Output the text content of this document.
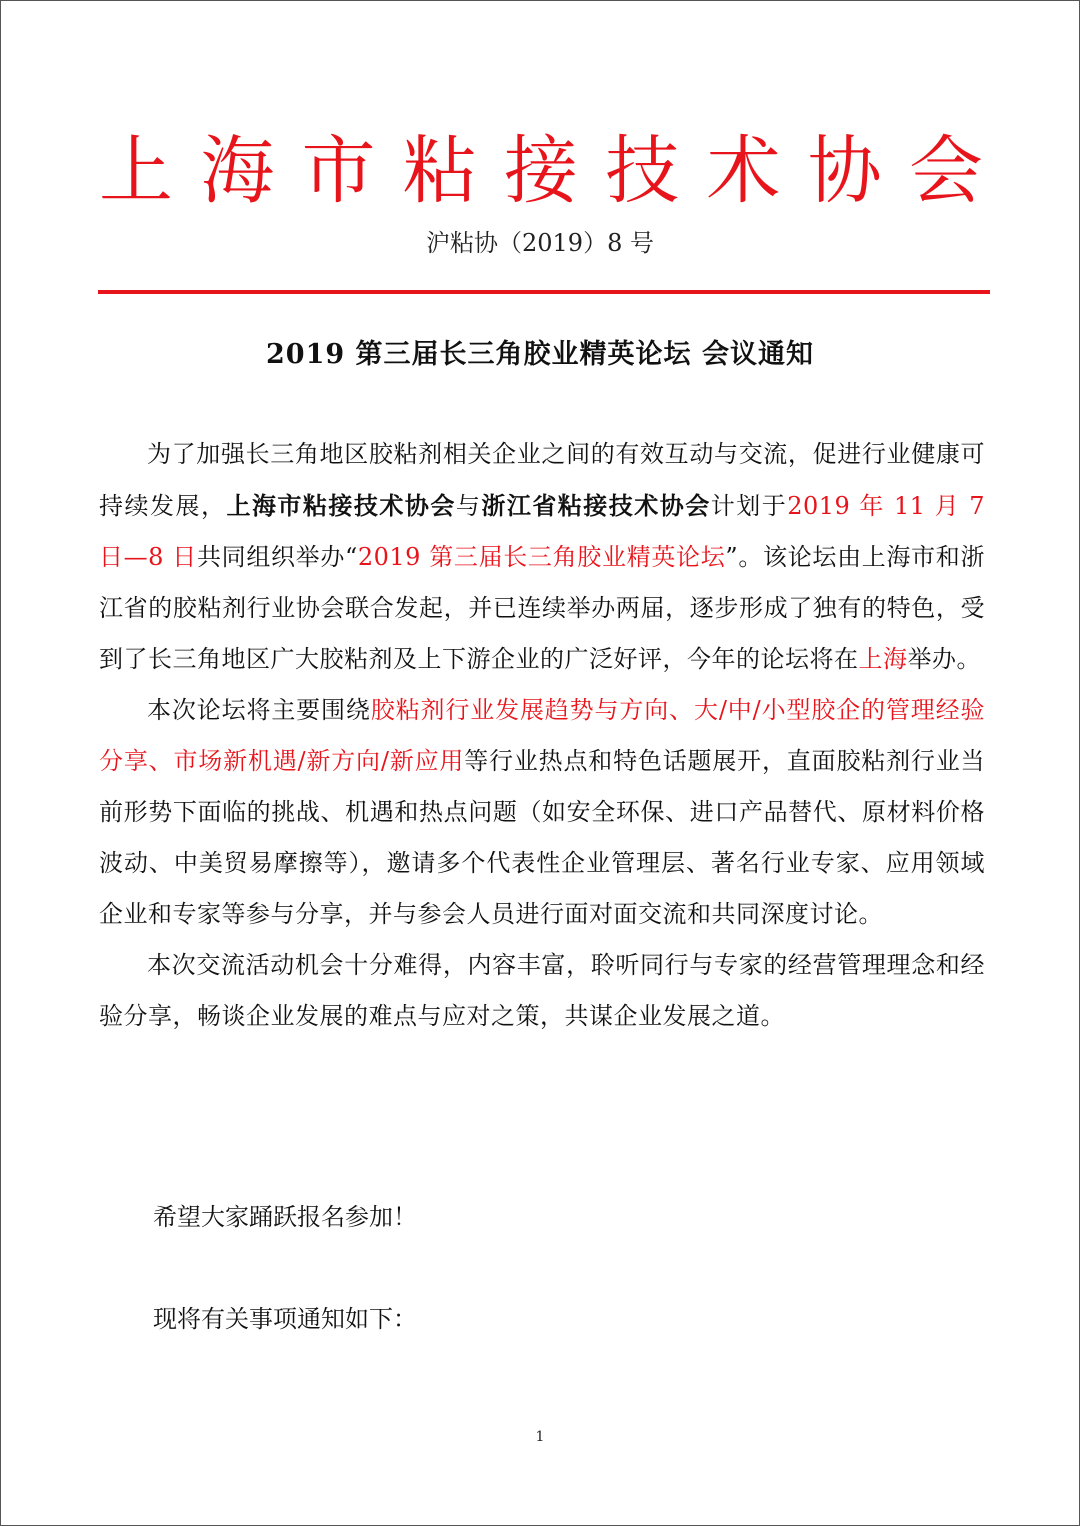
上 海 市 粘 接 技 术 协 会
沪粘协（2019）8 号
2019 第三届长三角胶业精英论坛 会议通知

为了加强长三角地区胶粘剂相关企业之间的有效互动与交流，促进行业健康可持续发展，上海市粘接技术协会与浙江省粘接技术协会计划于2019 年 11 月 7 日—8 日共同组织举办“2019 第三届长三角胶业精英论坛”。该论坛由上海市和浙江省的胶粘剂行业协会联合发起，并已连续举办两届，逐步形成了独有的特色，受到了长三角地区广大胶粘剂及上下游企业的广泛好评，今年的论坛将在上海举办。

本次论坛将主要围绕胶粘剂行业发展趋势与方向、大/中/小型胶企的管理经验分享、市场新机遇/新方向/新应用等行业热点和特色话题展开，直面胶粘剂行业当前形势下面临的挑战、机遇和热点问题（如安全环保、进口产品替代、原材料价格波动、中美贸易摩擦等），邀请多个代表性企业管理层、著名行业专家、应用领域企业和专家等参与分享，并与参会人员进行面对面交流和共同深度讨论。

本次交流活动机会十分难得，内容丰富，聆听同行与专家的经营管理理念和经验分享，畅谈企业发展的难点与应对之策，共谋企业发展之道。

希望大家踊跃报名参加！
现将有关事项通知如下：
1
